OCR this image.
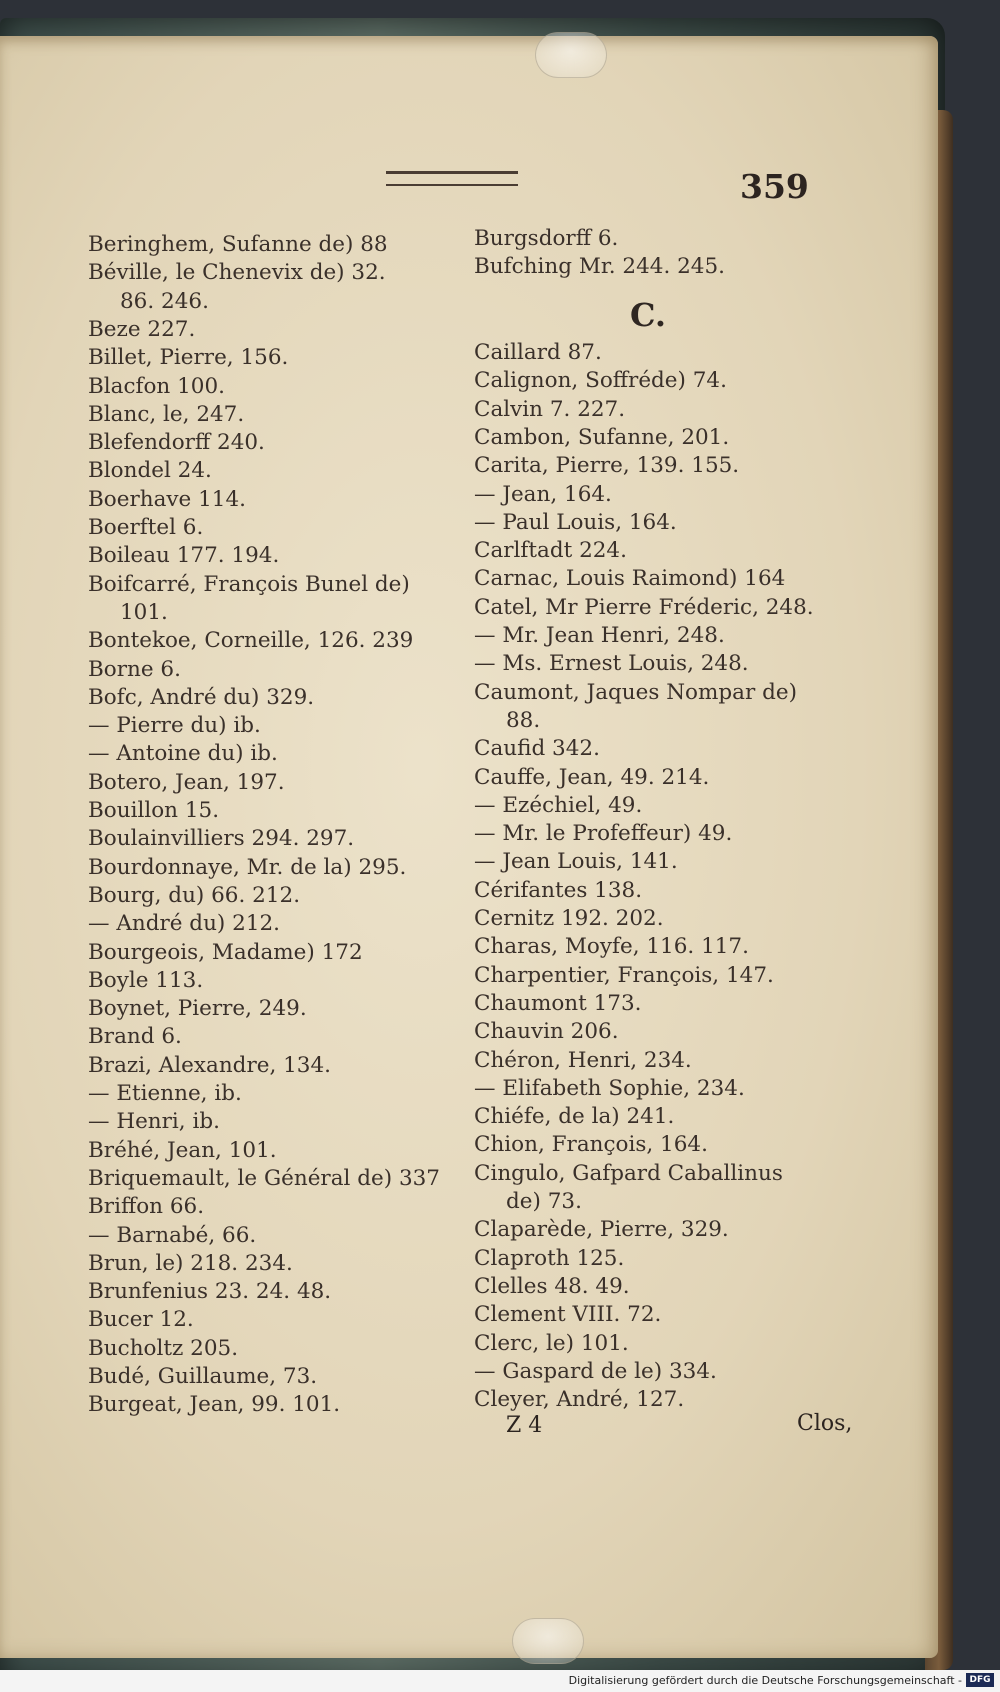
359
Beringhem, Sufanne de) 88
Béville, le Chenevix de) 32.
86. 246.
Beze 227.
Billet, Pierre, 156.
Blacfon 100.
Blanc, le, 247.
Blefendorff 240.
Blondel 24.
Boerhave 114.
Boerftel 6.
Boileau 177. 194.
Boifcarré, François Bunel de)
101.
Bontekoe, Corneille, 126. 239
Borne 6.
Bofc, André du) 329.
— Pierre du) ib.
— Antoine du) ib.
Botero, Jean, 197.
Bouillon 15.
Boulainvilliers 294. 297.
Bourdonnaye, Mr. de la) 295.
Bourg, du) 66. 212.
— André du) 212.
Bourgeois, Madame) 172
Boyle 113.
Boynet, Pierre, 249.
Brand 6.
Brazi, Alexandre, 134.
— Etienne, ib.
— Henri, ib.
Bréhé, Jean, 101.
Briquemault, le Général de) 337
Briffon 66.
— Barnabé, 66.
Brun, le) 218. 234.
Brunfenius 23. 24. 48.
Bucer 12.
Bucholtz 205.
Budé, Guillaume, 73.
Burgeat, Jean, 99. 101.
Burgsdorff 6.
Bufching Mr. 244. 245.
C.
Caillard 87.
Calignon, Soffréde) 74.
Calvin 7. 227.
Cambon, Sufanne, 201.
Carita, Pierre, 139. 155.
— Jean, 164.
— Paul Louis, 164.
Carlftadt 224.
Carnac, Louis Raimond) 164
Catel, Mr Pierre Fréderic, 248.
— Mr. Jean Henri, 248.
— Ms. Ernest Louis, 248.
Caumont, Jaques Nompar de)
88.
Caufid 342.
Cauffe, Jean, 49. 214.
— Ezéchiel, 49.
— Mr. le Profeffeur) 49.
— Jean Louis, 141.
Cérifantes 138.
Cernitz 192. 202.
Charas, Moyfe, 116. 117.
Charpentier, François, 147.
Chaumont 173.
Chauvin 206.
Chéron, Henri, 234.
— Elifabeth Sophie, 234.
Chiéfe, de la) 241.
Chion, François, 164.
Cingulo, Gafpard Caballinus
de) 73.
Claparède, Pierre, 329.
Claproth 125.
Clelles 48. 49.
Clement VIII. 72.
Clerc, le) 101.
— Gaspard de le) 334.
Cleyer, André, 127.
Z 4	Clos,
Digitalisierung gefördert durch die Deutsche Forschungsgemeinschaft - DFG
